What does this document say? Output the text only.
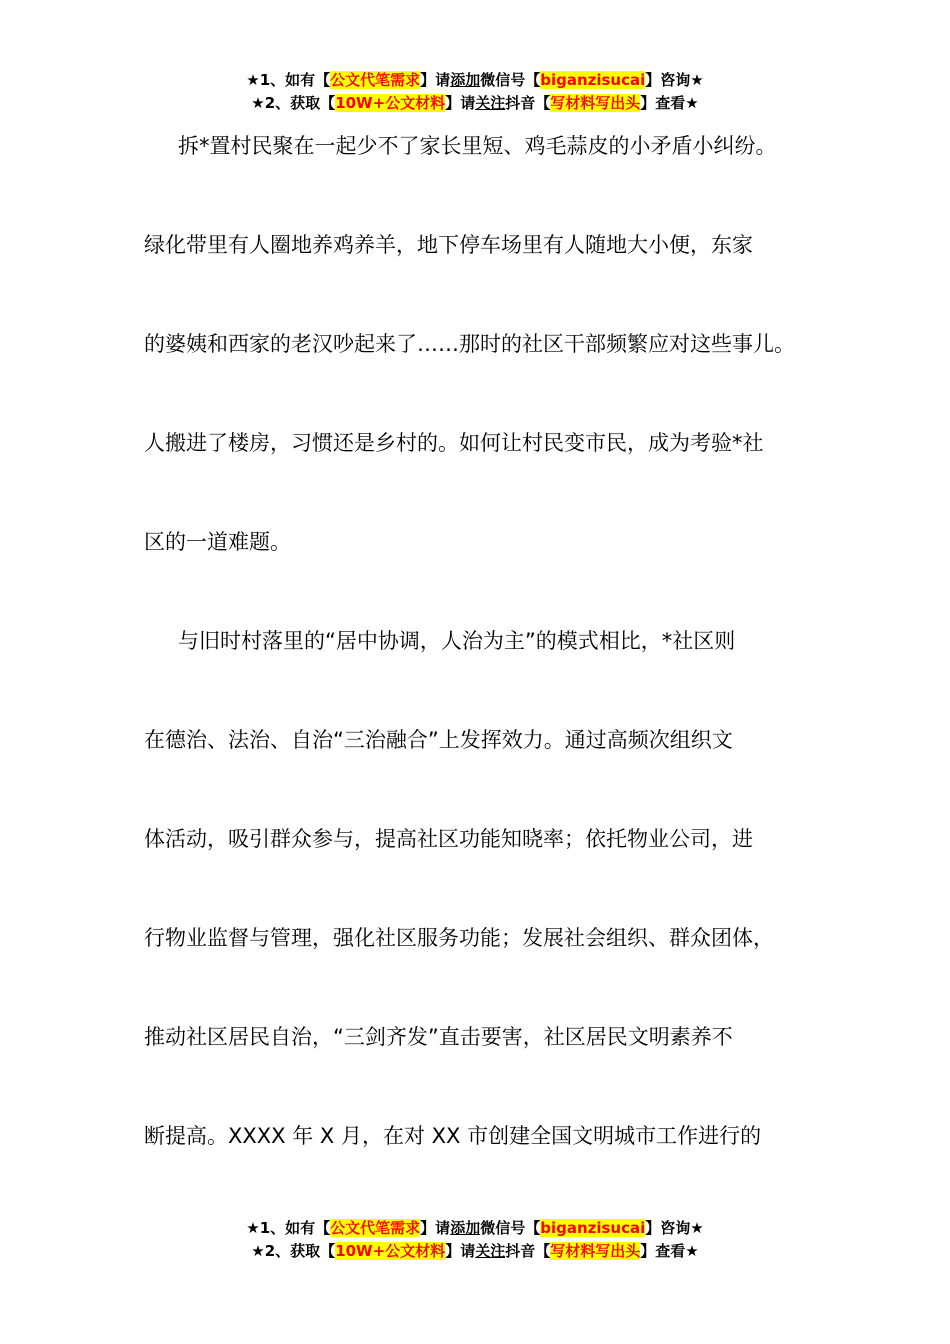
★1、如有【公文代笔需求】请添加微信号【biganzisucai】咨询★
★2、获取【10W+公文材料】请关注抖音【写材料写出头】查看★
拆*置村民聚在一起少不了家长里短、鸡毛蒜皮的小矛盾小纠纷。
绿化带里有人圈地养鸡养羊，地下停车场里有人随地大小便，东家
的婆姨和西家的老汉吵起来了……那时的社区干部频繁应对这些事儿。
人搬进了楼房，习惯还是乡村的。如何让村民变市民，成为考验*社
区的一道难题。
与旧时村落里的“居中协调，人治为主”的模式相比，*社区则
在德治、法治、自治“三治融合”上发挥效力。通过高频次组织文
体活动，吸引群众参与，提高社区功能知晓率；依托物业公司，进
行物业监督与管理，强化社区服务功能；发展社会组织、群众团体，
推动社区居民自治，“三剑齐发”直击要害，社区居民文明素养不
断提高。XXXX 年 X 月，在对 XX 市创建全国文明城市工作进行的
★1、如有【公文代笔需求】请添加微信号【biganzisucai】咨询★
★2、获取【10W+公文材料】请关注抖音【写材料写出头】查看★
